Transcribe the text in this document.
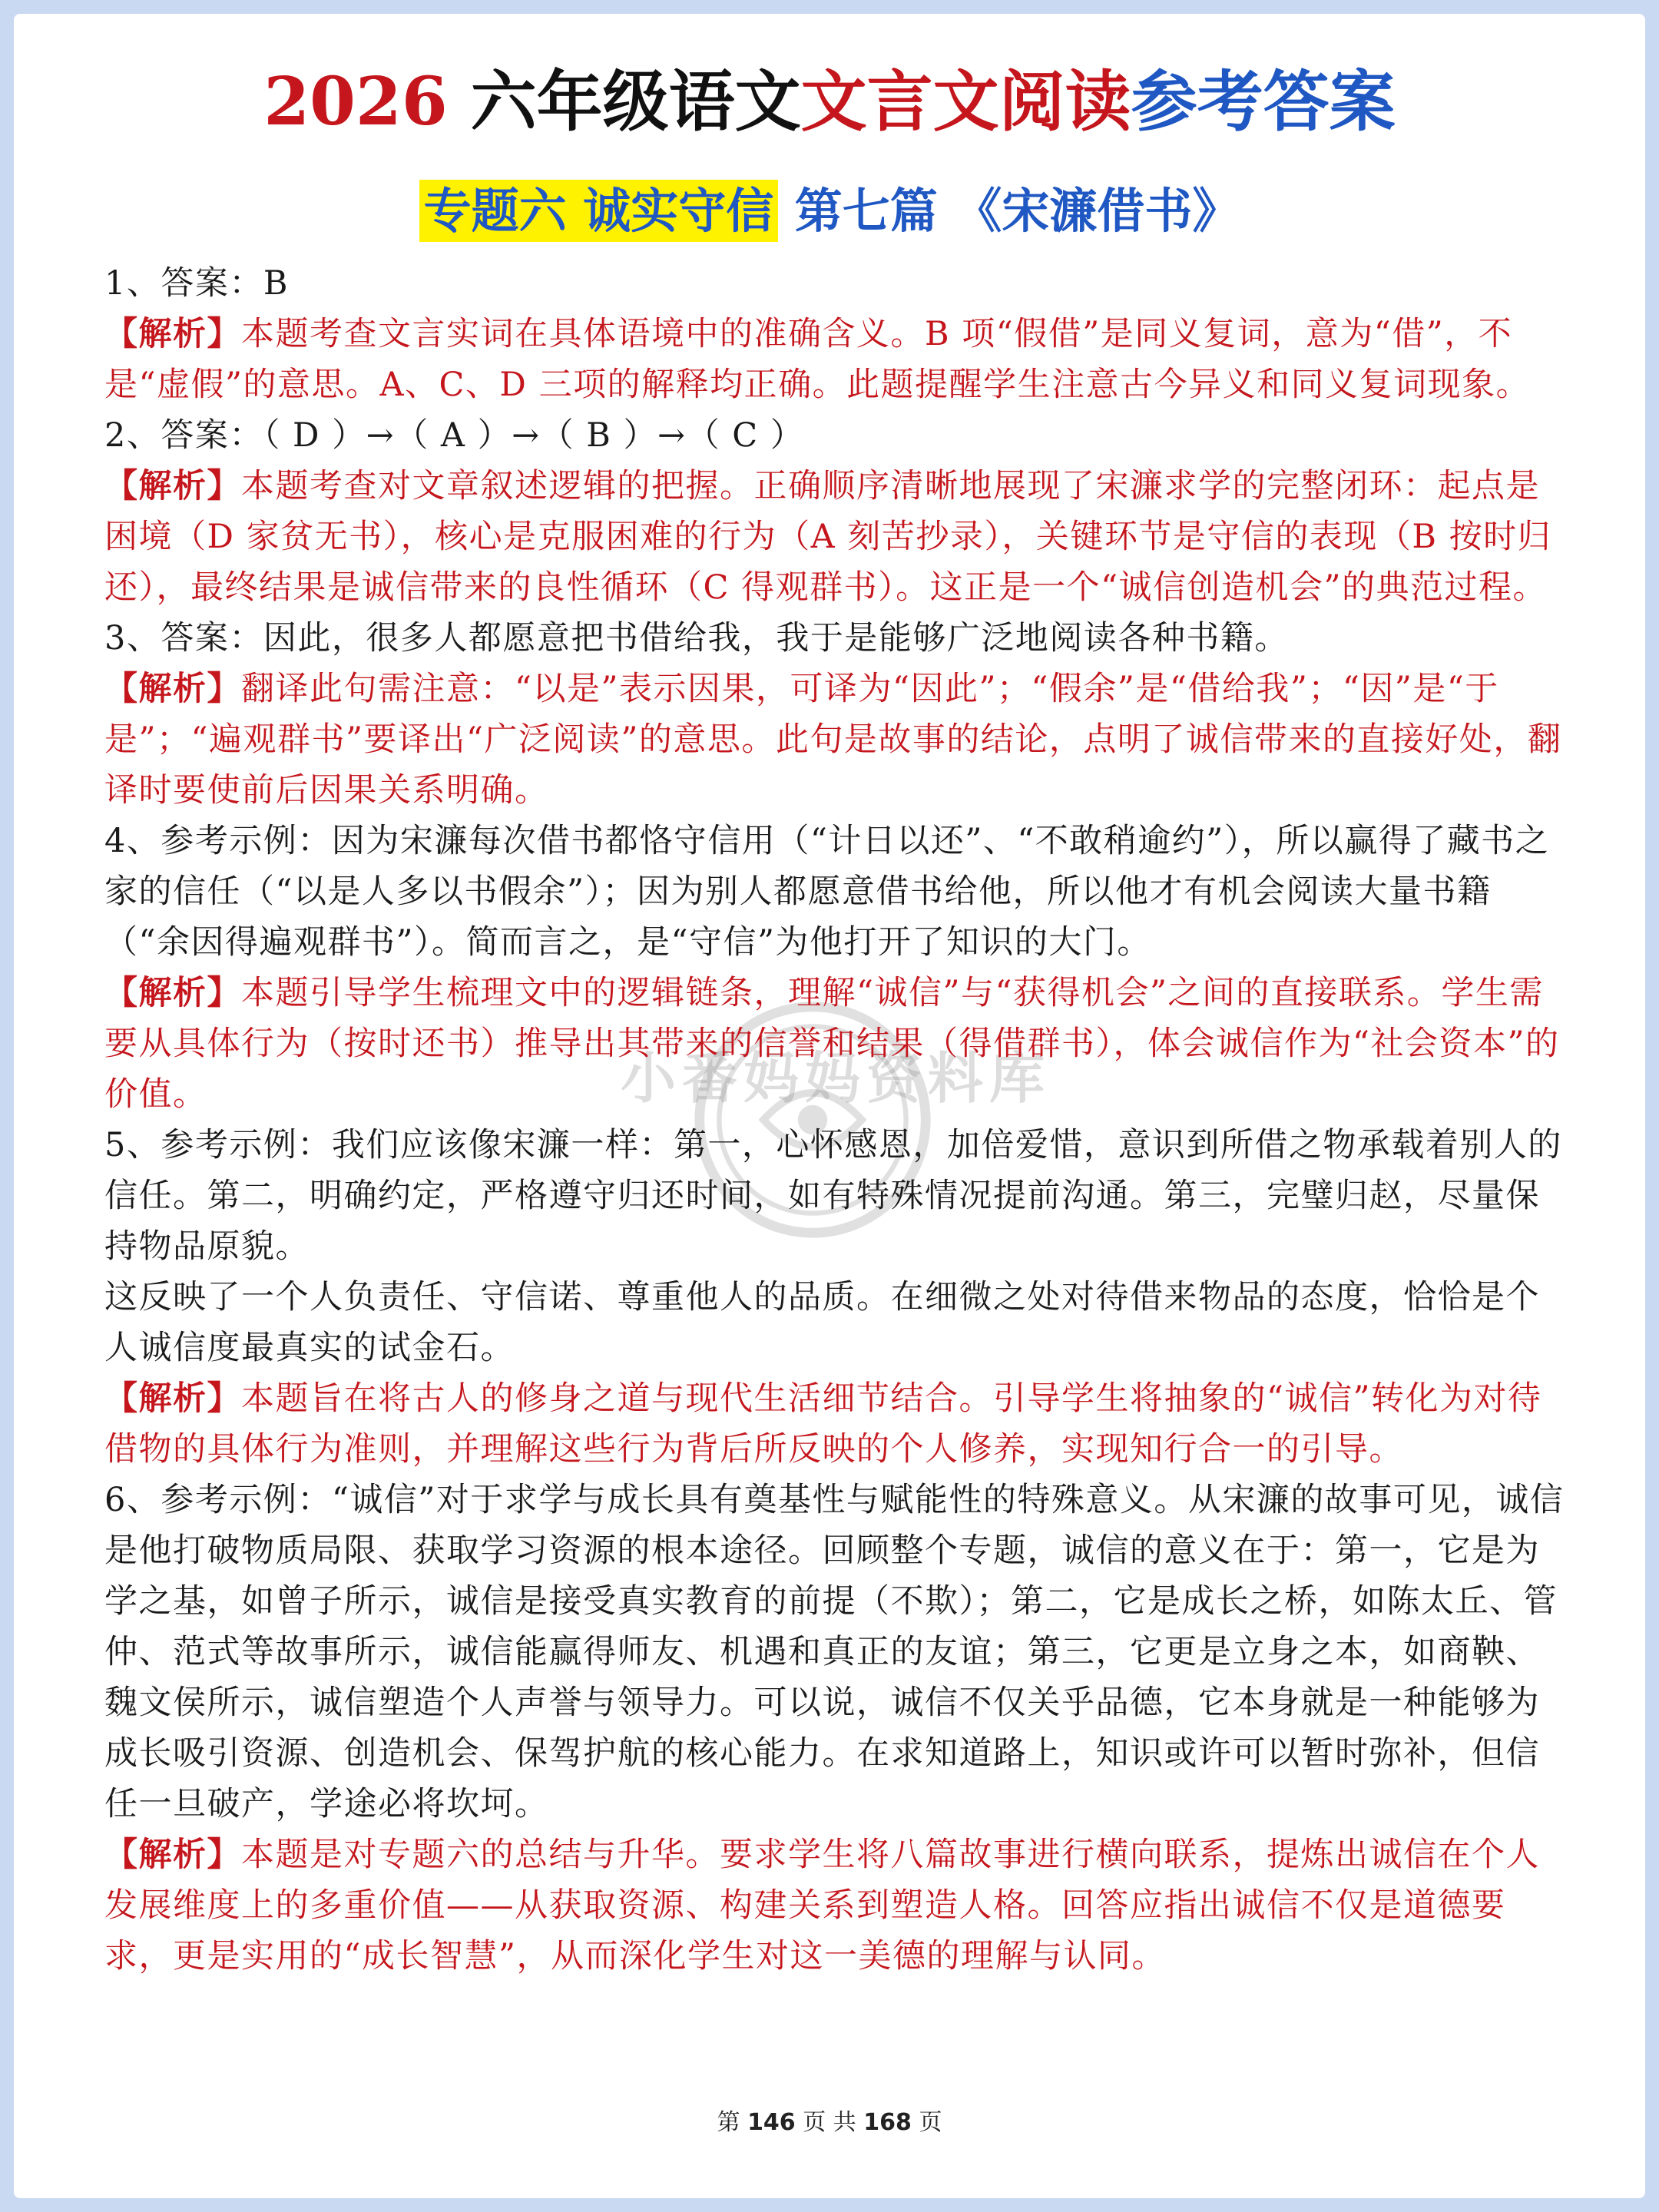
2026 六年级语文文言文阅读参考答案
专题六 诚实守信 第七篇 《宋濂借书》
小番妈妈资料库

1、答案：B

【解析】本题考查文言实词在具体语境中的准确含义。B 项“假借”是同义复词，意为“借”，不是“虚假”的意思。A、C、D 三项的解释均正确。此题提醒学生注意古今异义和同义复词现象。

2、答案：（ D ）→（ A ）→（ B ）→（ C ）

【解析】本题考查对文章叙述逻辑的把握。正确顺序清晰地展现了宋濂求学的完整闭环：起点是困境（D 家贫无书），核心是克服困难的行为（A 刻苦抄录），关键环节是守信的表现（B 按时归还），最终结果是诚信带来的良性循环（C 得观群书）。这正是一个“诚信创造机会”的典范过程。

3、答案：因此，很多人都愿意把书借给我，我于是能够广泛地阅读各种书籍。

【解析】翻译此句需注意：“以是”表示因果，可译为“因此”；“假余”是“借给我”；“因”是“于是”；“遍观群书”要译出“广泛阅读”的意思。此句是故事的结论，点明了诚信带来的直接好处，翻译时要使前后因果关系明确。

4、参考示例：因为宋濂每次借书都恪守信用（“计日以还”、“不敢稍逾约”），所以赢得了藏书之家的信任（“以是人多以书假余”）；因为别人都愿意借书给他，所以他才有机会阅读大量书籍（“余因得遍观群书”）。简而言之，是“守信”为他打开了知识的大门。

【解析】本题引导学生梳理文中的逻辑链条，理解“诚信”与“获得机会”之间的直接联系。学生需要从具体行为（按时还书）推导出其带来的信誉和结果（得借群书），体会诚信作为“社会资本”的价值。

5、参考示例：我们应该像宋濂一样：第一，心怀感恩，加倍爱惜，意识到所借之物承载着别人的信任。第二，明确约定，严格遵守归还时间，如有特殊情况提前沟通。第三，完璧归赵，尽量保持物品原貌。

这反映了一个人负责任、守信诺、尊重他人的品质。在细微之处对待借来物品的态度，恰恰是个人诚信度最真实的试金石。

【解析】本题旨在将古人的修身之道与现代生活细节结合。引导学生将抽象的“诚信”转化为对待借物的具体行为准则，并理解这些行为背后所反映的个人修养，实现知行合一的引导。

6、参考示例：“诚信”对于求学与成长具有奠基性与赋能性的特殊意义。从宋濂的故事可见，诚信是他打破物质局限、获取学习资源的根本途径。回顾整个专题，诚信的意义在于：第一，它是为学之基，如曾子所示，诚信是接受真实教育的前提（不欺）；第二，它是成长之桥，如陈太丘、管仲、范式等故事所示，诚信能赢得师友、机遇和真正的友谊；第三，它更是立身之本，如商鞅、魏文侯所示，诚信塑造个人声誉与领导力。可以说，诚信不仅关乎品德，它本身就是一种能够为成长吸引资源、创造机会、保驾护航的核心能力。在求知道路上，知识或许可以暂时弥补，但信任一旦破产，学途必将坎坷。

【解析】本题是对专题六的总结与升华。要求学生将八篇故事进行横向联系，提炼出诚信在个人发展维度上的多重价值——从获取资源、构建关系到塑造人格。回答应指出诚信不仅是道德要求，更是实用的“成长智慧”，从而深化学生对这一美德的理解与认同。

第 146 页 共 168 页
